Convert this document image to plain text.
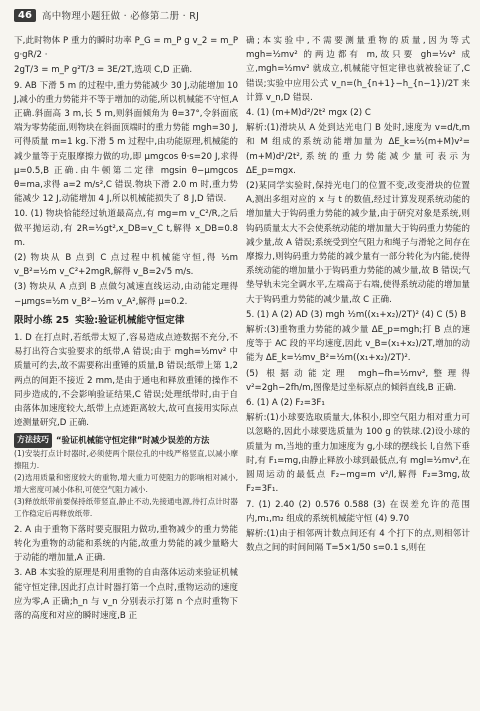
46	高中物理小题狂做 · 必修第二册 · RJ

下,此时物体 P 重力的瞬时功率 P_G = m_P g v_2 = m_P g·gR/2 ·

2gT/3 = m_P g²T/3 = 3E/2T,选项 C,D 正确.

9. AB 下滑 5 m 的过程中,重力势能减少 30 J,动能增加 10 J,减小的重力势能并不等于增加的动能,所以机械能不守恒,A 正确.斜面高 3 m,长 5 m,则斜面倾角为 θ=37°,令斜面底端为零势能面,则物块在斜面顶端时的重力势能 mgh=30 J,可得质量 m=1 kg.下滑 5 m 过程中,由功能原理,机械能的减少量等于克服摩擦力做的功,即 μmgcos θ·s=20 J,求得 μ=0.5,B 正确.由牛顿第二定律 mgsin θ−μmgcos θ=ma,求得 a=2 m/s²,C 错误.物块下滑 2.0 m 时,重力势能减少 12 J,动能增加 4 J,所以机械能损失了 8 J,D 错误.

10. (1) 物块恰能经过轨道最高点,有 mg=m v_C²/R,之后做平抛运动,有 2R=½gt²,x_DB=v_C t,解得 x_DB=0.8 m.

(2) 物块从 B 点到 C 点过程中机械能守恒,得 ½m v_B²=½m v_C²+2mgR,解得 v_B=2√5 m/s.

(3) 物块从 A 点到 B 点做匀减速直线运动,由动能定理得 −μmgs=½m v_B²−½m v_A²,解得 μ=0.2.

限时小练 25 实验:验证机械能守恒定律

1. D 在打点时,若纸带太短了,容易造成点迹数据不充分,不易打出符合实验要求的纸带,A 错误;由于 mgh=½mv² 中质量可约去,故不需要称出重锤的质量,B 错误;纸带上第 1,2 两点的间距不接近 2 mm,是由于通电和释放重锤的操作不同步造成的,不会影响验证结果,C 错误;处理纸带时,由于自由落体加速度较大,纸带上点迹距离较大,故可直接用实际点迹测量研究,D 正确.

方法技巧 “验证机械能守恒定律”时减少误差的方法

(1)安装打点计时器时,必须使两个限位孔的中线严格竖直,以减小摩擦阻力.

(2)选用质量和密度较大的重物,增大重力可使阻力的影响相对减小,增大密度可减小体积,可使空气阻力减小.

(3)释放纸带前要保持纸带竖直,静止不动,先接通电源,待打点计时器工作稳定后再释放纸带.

2. A 由于重物下落时要克服阻力做功,重物减少的重力势能转化为重物的动能和系统的内能,故重力势能的减少量略大于动能的增加量,A 正确.

3. AB 本实验的原理是利用重物的自由落体运动来验证机械能守恒定律,因此打点计时器打第一个点时,重物运动的速度应为零,A 正确;h_n 与 v_n 分别表示打第 n 个点时重物下落的高度和对应的瞬时速度,B 正

确;本实验中,不需要测量重物的质量,因为等式 mgh=½mv² 的两边都有 m,故只要 gh=½v² 成立,mgh=½mv² 就成立,机械能守恒定律也就被验证了,C 错误;实验中应用公式 v_n=(h_{n+1}−h_{n−1})/2T 来计算 v_n,D 错误.

4. (1) (m+M)d²/2t² mgx (2) C

解析:(1)滑块从 A 处到达光电门 B 处时,速度为 v=d/t,m 和 M 组成的系统动能增加量为 ΔE_k=½(m+M)v²=(m+M)d²/2t²,系统的重力势能减少量可表示为 ΔE_p=mgx.

(2)某同学实验时,保持光电门的位置不变,改变滑块的位置 A,测出多组对应的 x 与 t 的数值,经过计算发现系统动能的增加量大于钩码重力势能的减少量,由于研究对象是系统,则钩码质量太大不会使系统动能的增加量大于钩码重力势能的减少量,故 A 错误;系统受到空气阻力和绳子与滑轮之间存在摩擦力,则钩码重力势能的减少量有一部分转化为内能,使得系统动能的增加量小于钩码重力势能的减少量,故 B 错误;气垫导轨未完全调水平,左端高于右端,使得系统动能的增加量大于钩码重力势能的减少量,故 C 正确.

5. (1) A (2) AD (3) mgh ½m((x₁+x₂)/2T)² (4) C (5) B

解析:(3)重物重力势能的减少量 ΔE_p=mgh;打 B 点的速度等于 AC 段的平均速度,因此 v_B=(x₁+x₂)/2T,增加的动能为 ΔE_k=½mv_B²=½m((x₁+x₂)/2T)².

(5) 根据动能定理 mgh−fh=½mv²,整理得 v²=2gh−2fh/m,图像是过坐标原点的倾斜直线,B 正确.

6. (1) A (2) F₂=3F₁

解析:(1)小球要选取质量大,体积小,即空气阻力相对重力可以忽略的,因此小球要选质量为 100 g 的铁球.(2)设小球的质量为 m,当地的重力加速度为 g,小球的摆线长 l,自然下垂时,有 F₁=mg,由静止释放小球到最低点,有 mgl=½mv²,在圆周运动的最低点 F₂−mg=m v²/l,解得 F₂=3mg,故 F₂=3F₁.

7. (1) 2.40 (2) 0.576 0.588 (3) 在误差允许的范围内,m₁,m₂ 组成的系统机械能守恒 (4) 9.70

解析:(1)由于相邻两计数点间还有 4 个打下的点,则相邻计数点之间的时间间隔 T=5×1/50 s=0.1 s,则在
